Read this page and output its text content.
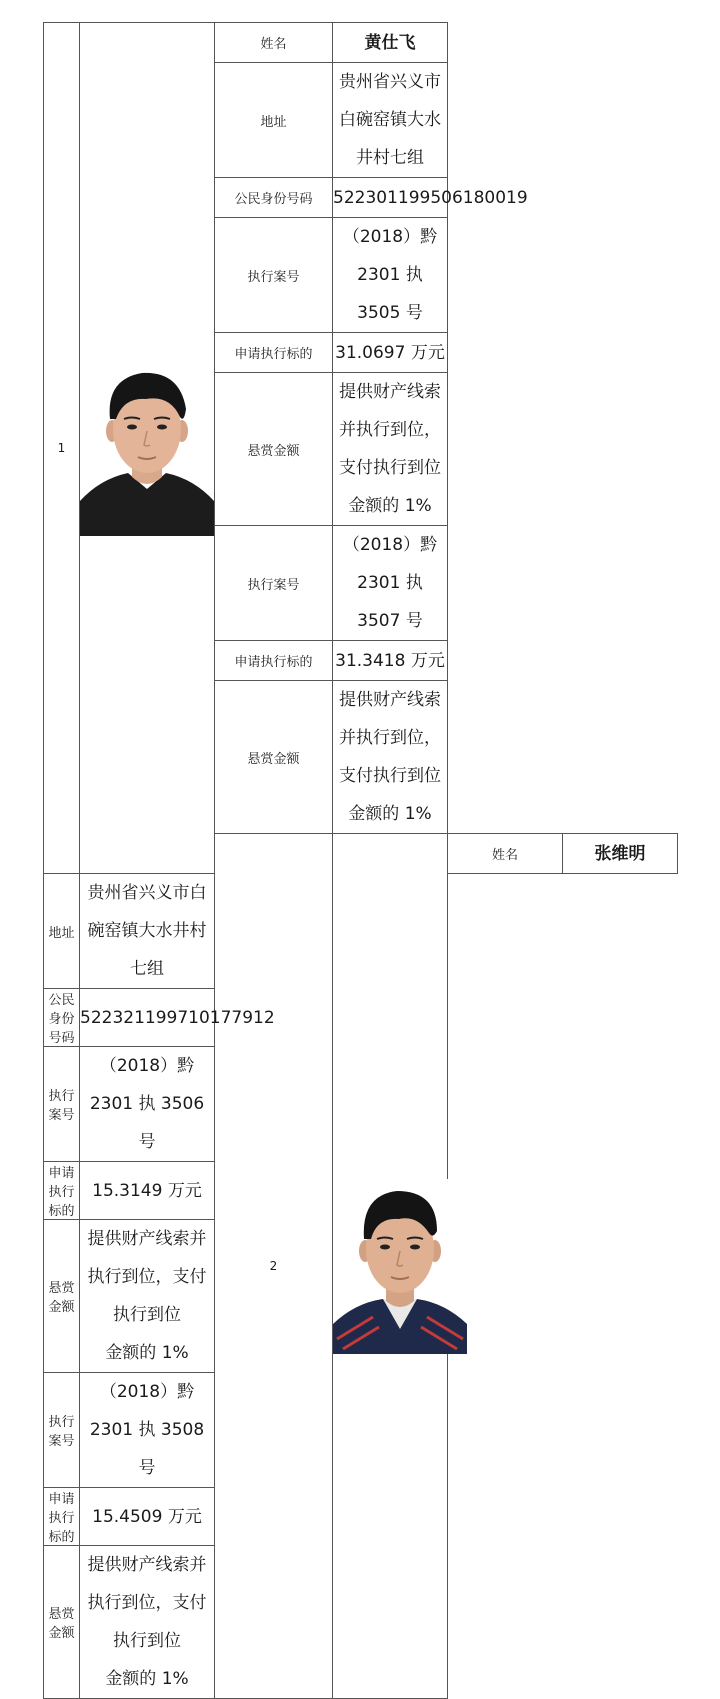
1		姓名	黄仕飞		
		地址	贵州省兴义市白碗窑镇大水井村七组		
		公民身份号码	522301199506180019		
		执行案号	（2018）黔 2301 执 3505 号		
		申请执行标的	31.0697 万元		
		悬赏金额	提供财产线索并执行到位，支付执行到位
金额的 1%		

		执行案号	（2018）黔 2301 执 3507 号		
		申请执行标的	31.3418 万元		
		悬赏金额	提供财产线索并执行到位，支付执行到位
金额的 1%		

		2		姓名	张维明
地址	贵州省兴义市白碗窑镇大水井村七组				
公民身份号码	522321199710177912				
执行案号	（2018）黔 2301 执 3506 号				
申请执行标的	15.3149 万元				
悬赏金额	提供财产线索并执行到位，支付执行到位
金额的 1%				

执行案号	（2018）黔 2301 执 3508 号				
申请执行标的	15.4509 万元				
悬赏金额	提供财产线索并执行到位，支付执行到位
金额的 1%				
